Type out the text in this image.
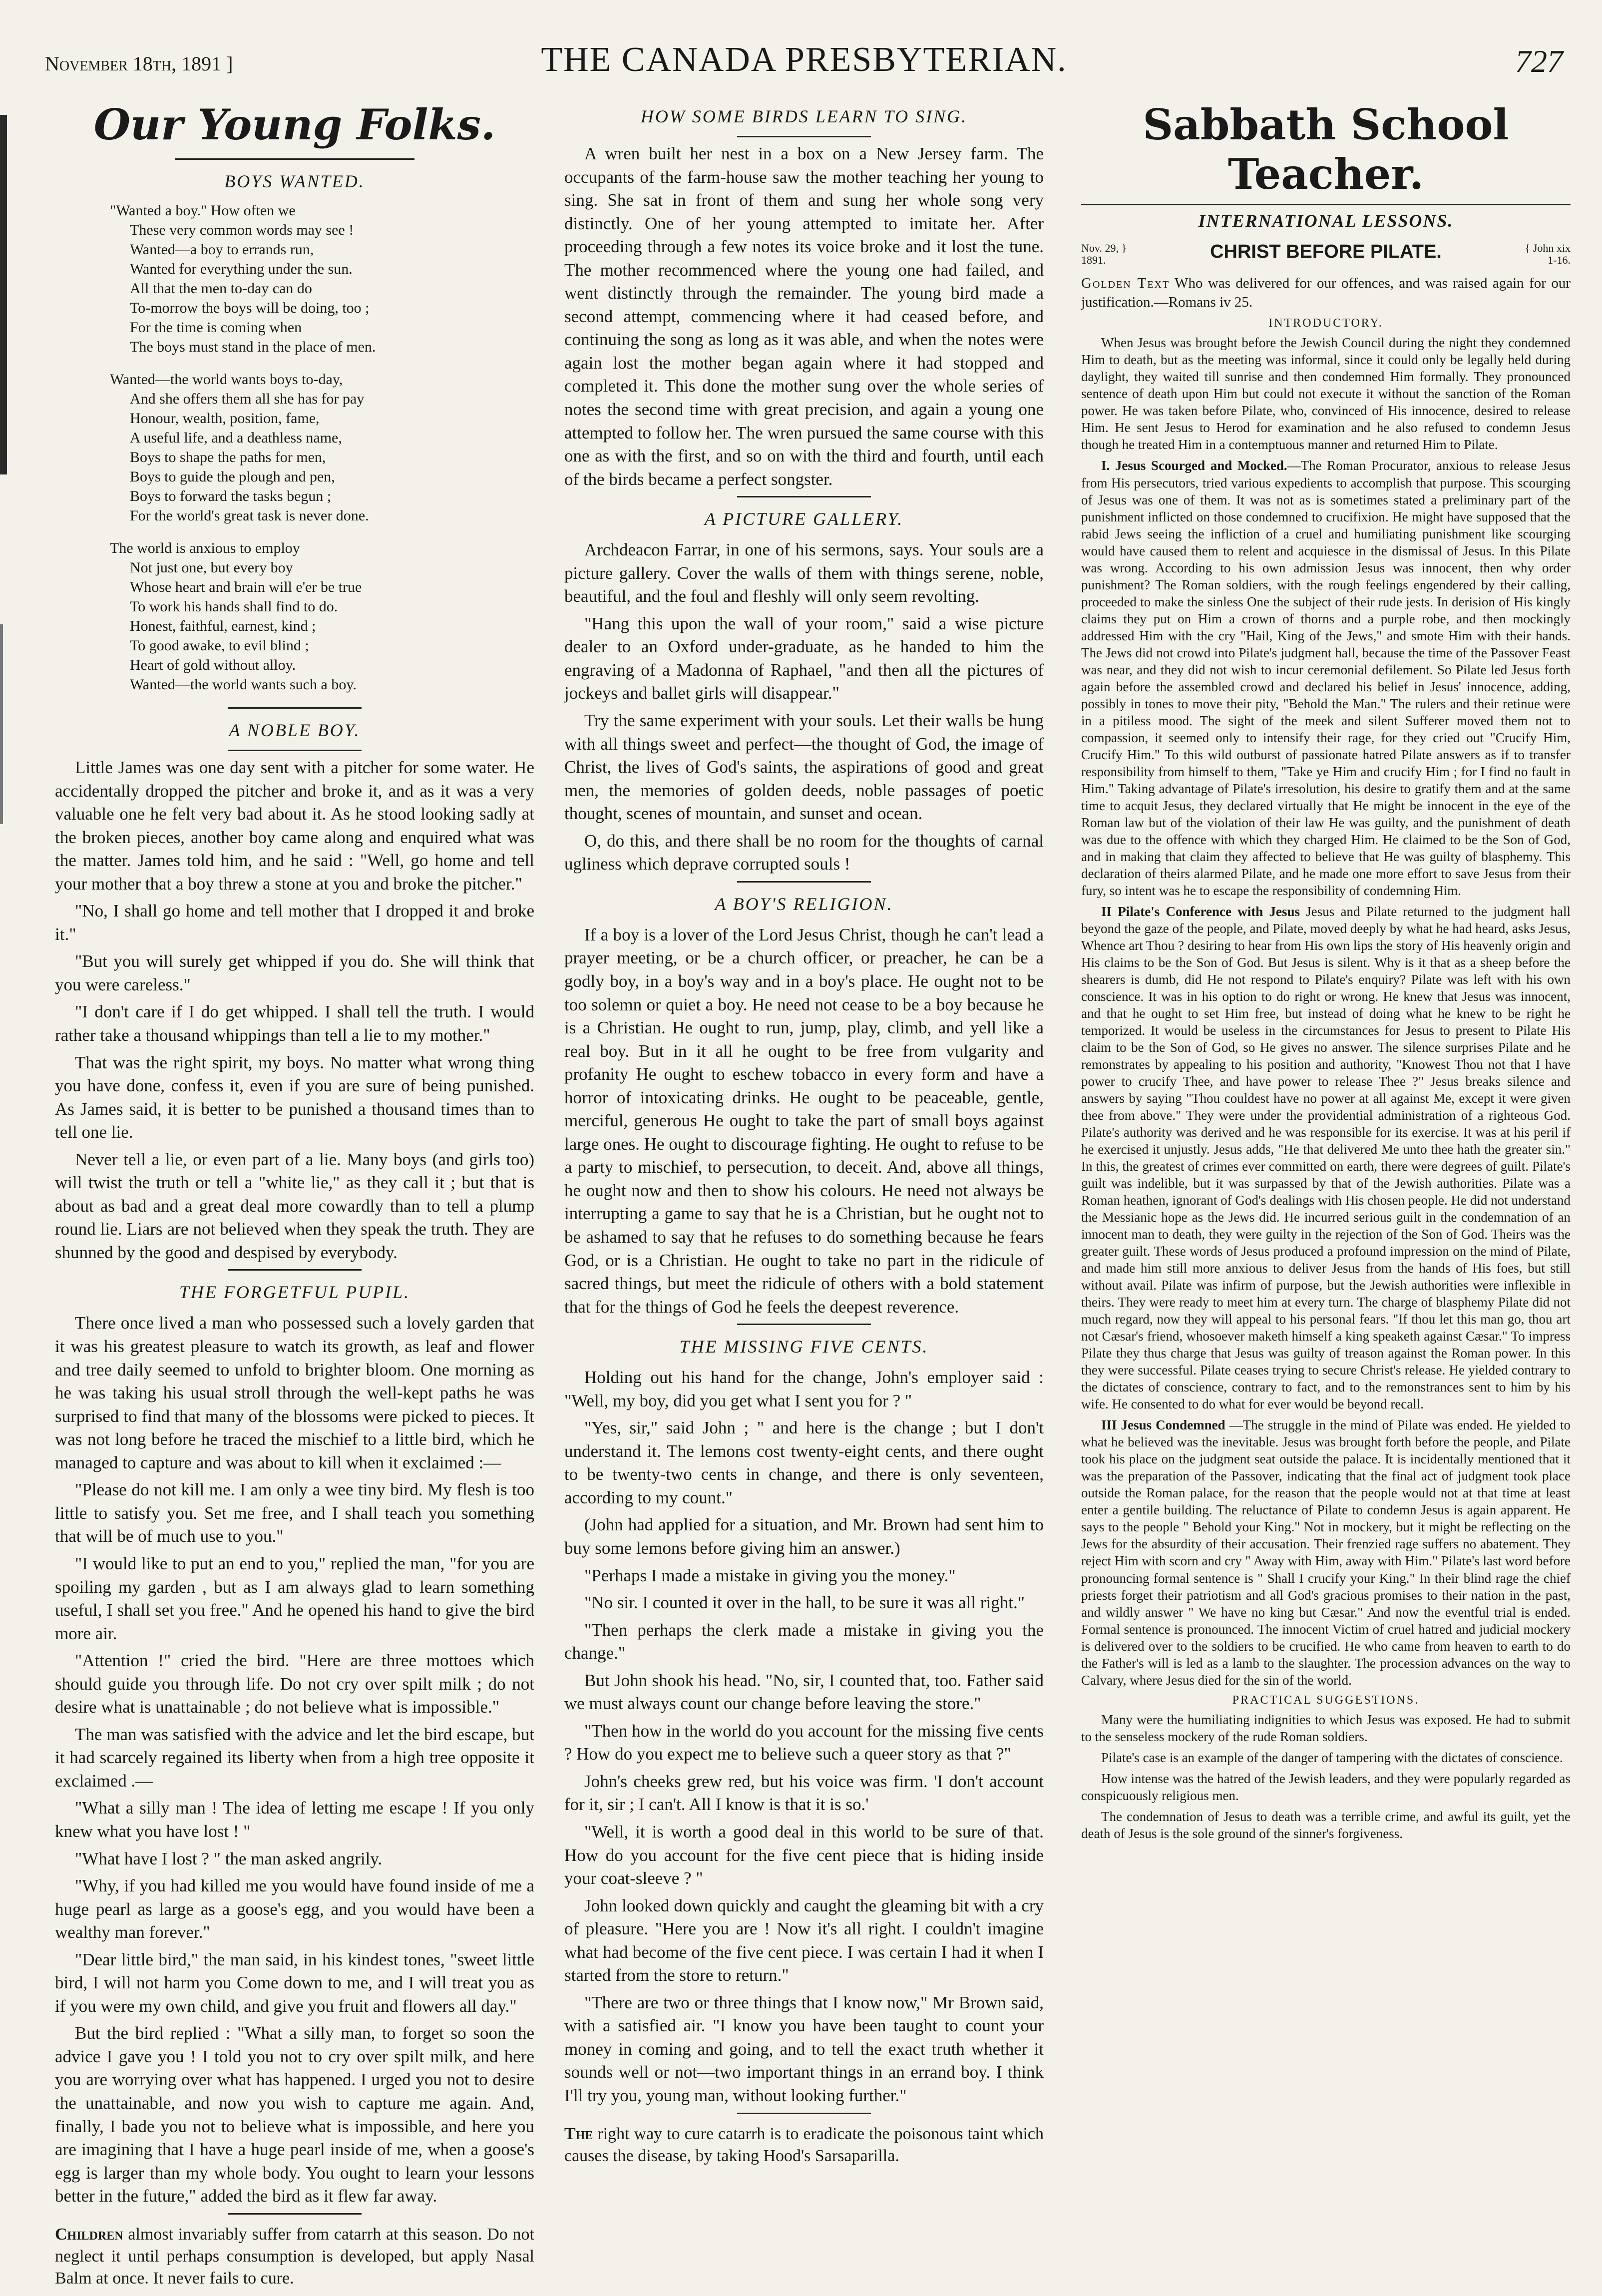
November 18th, 1891 ]	THE CANADA PRESBYTERIAN.	727
Our Young Folks.
BOYS WANTED.
"Wanted a boy." How often we
These very common words may see !
Wanted—a boy to errands run,
Wanted for everything under the sun.
All that the men to-day can do
To-morrow the boys will be doing, too ;
For the time is coming when
The boys must stand in the place of men.
Wanted—the world wants boys to-day,
And she offers them all she has for pay
Honour, wealth, position, fame,
A useful life, and a deathless name,
Boys to shape the paths for men,
Boys to guide the plough and pen,
Boys to forward the tasks begun ;
For the world's great task is never done.
The world is anxious to employ
Not just one, but every boy
Whose heart and brain will e'er be true
To work his hands shall find to do.
Honest, faithful, earnest, kind ;
To good awake, to evil blind ;
Heart of gold without alloy.
Wanted—the world wants such a boy.
A NOBLE BOY.

Little James was one day sent with a pitcher for some water. He accidentally dropped the pitcher and broke it, and as it was a very valuable one he felt very bad about it. As he stood looking sadly at the broken pieces, another boy came along and enquired what was the matter. James told him, and he said : "Well, go home and tell your mother that a boy threw a stone at you and broke the pitcher."

"No, I shall go home and tell mother that I dropped it and broke it."

"But you will surely get whipped if you do. She will think that you were careless."

"I don't care if I do get whipped. I shall tell the truth. I would rather take a thousand whippings than tell a lie to my mother."

That was the right spirit, my boys. No matter what wrong thing you have done, confess it, even if you are sure of being punished. As James said, it is better to be punished a thousand times than to tell one lie.

Never tell a lie, or even part of a lie. Many boys (and girls too) will twist the truth or tell a "white lie," as they call it ; but that is about as bad and a great deal more cowardly than to tell a plump round lie. Liars are not believed when they speak the truth. They are shunned by the good and despised by everybody.

THE FORGETFUL PUPIL.

There once lived a man who possessed such a lovely garden that it was his greatest pleasure to watch its growth, as leaf and flower and tree daily seemed to unfold to brighter bloom. One morning as he was taking his usual stroll through the well-kept paths he was surprised to find that many of the blossoms were picked to pieces. It was not long before he traced the mischief to a little bird, which he managed to capture and was about to kill when it exclaimed :—

"Please do not kill me. I am only a wee tiny bird. My flesh is too little to satisfy you. Set me free, and I shall teach you something that will be of much use to you."

"I would like to put an end to you," replied the man, "for you are spoiling my garden , but as I am always glad to learn something useful, I shall set you free." And he opened his hand to give the bird more air.

"Attention !" cried the bird. "Here are three mottoes which should guide you through life. Do not cry over spilt milk ; do not desire what is unattainable ; do not believe what is impossible."

The man was satisfied with the advice and let the bird escape, but it had scarcely regained its liberty when from a high tree opposite it exclaimed .—

"What a silly man ! The idea of letting me escape ! If you only knew what you have lost ! "

"What have I lost ? " the man asked angrily.

"Why, if you had killed me you would have found inside of me a huge pearl as large as a goose's egg, and you would have been a wealthy man forever."

"Dear little bird," the man said, in his kindest tones, "sweet little bird, I will not harm you Come down to me, and I will treat you as if you were my own child, and give you fruit and flowers all day."

But the bird replied : "What a silly man, to forget so soon the advice I gave you ! I told you not to cry over spilt milk, and here you are worrying over what has happened. I urged you not to desire the unattainable, and now you wish to capture me again. And, finally, I bade you not to believe what is impossible, and here you are imagining that I have a huge pearl inside of me, when a goose's egg is larger than my whole body. You ought to learn your lessons better in the future," added the bird as it flew far away.

Children almost invariably suffer from catarrh at this season. Do not neglect it until perhaps consumption is developed, but apply Nasal Balm at once. It never fails to cure.
HOW SOME BIRDS LEARN TO SING.

A wren built her nest in a box on a New Jersey farm. The occupants of the farm-house saw the mother teaching her young to sing. She sat in front of them and sung her whole song very distinctly. One of her young attempted to imitate her. After proceeding through a few notes its voice broke and it lost the tune. The mother recommenced where the young one had failed, and went distinctly through the remainder. The young bird made a second attempt, commencing where it had ceased before, and continuing the song as long as it was able, and when the notes were again lost the mother began again where it had stopped and completed it. This done the mother sung over the whole series of notes the second time with great precision, and again a young one attempted to follow her. The wren pursued the same course with this one as with the first, and so on with the third and fourth, until each of the birds became a perfect songster.

A PICTURE GALLERY.

Archdeacon Farrar, in one of his sermons, says. Your souls are a picture gallery. Cover the walls of them with things serene, noble, beautiful, and the foul and fleshly will only seem revolting.

"Hang this upon the wall of your room," said a wise picture dealer to an Oxford under-graduate, as he handed to him the engraving of a Madonna of Raphael, "and then all the pictures of jockeys and ballet girls will disappear."

Try the same experiment with your souls. Let their walls be hung with all things sweet and perfect—the thought of God, the image of Christ, the lives of God's saints, the aspirations of good and great men, the memories of golden deeds, noble passages of poetic thought, scenes of mountain, and sunset and ocean.

O, do this, and there shall be no room for the thoughts of carnal ugliness which deprave corrupted souls !

A BOY'S RELIGION.

If a boy is a lover of the Lord Jesus Christ, though he can't lead a prayer meeting, or be a church officer, or preacher, he can be a godly boy, in a boy's way and in a boy's place. He ought not to be too solemn or quiet a boy. He need not cease to be a boy because he is a Christian. He ought to run, jump, play, climb, and yell like a real boy. But in it all he ought to be free from vulgarity and profanity He ought to eschew tobacco in every form and have a horror of intoxicating drinks. He ought to be peaceable, gentle, merciful, generous He ought to take the part of small boys against large ones. He ought to discourage fighting. He ought to refuse to be a party to mischief, to persecution, to deceit. And, above all things, he ought now and then to show his colours. He need not always be interrupting a game to say that he is a Christian, but he ought not to be ashamed to say that he refuses to do something because he fears God, or is a Christian. He ought to take no part in the ridicule of sacred things, but meet the ridicule of others with a bold statement that for the things of God he feels the deepest reverence.

THE MISSING FIVE CENTS.

Holding out his hand for the change, John's employer said : "Well, my boy, did you get what I sent you for ? "

"Yes, sir," said John ; " and here is the change ; but I don't understand it. The lemons cost twenty-eight cents, and there ought to be twenty-two cents in change, and there is only seventeen, according to my count."

(John had applied for a situation, and Mr. Brown had sent him to buy some lemons before giving him an answer.)

"Perhaps I made a mistake in giving you the money."

"No sir. I counted it over in the hall, to be sure it was all right."

"Then perhaps the clerk made a mistake in giving you the change."

But John shook his head. "No, sir, I counted that, too. Father said we must always count our change before leaving the store."

"Then how in the world do you account for the missing five cents ? How do you expect me to believe such a queer story as that ?"

John's cheeks grew red, but his voice was firm. 'I don't account for it, sir ; I can't. All I know is that it is so.'

"Well, it is worth a good deal in this world to be sure of that. How do you account for the five cent piece that is hiding inside your coat-sleeve ? "

John looked down quickly and caught the gleaming bit with a cry of pleasure. "Here you are ! Now it's all right. I couldn't imagine what had become of the five cent piece. I was certain I had it when I started from the store to return."

"There are two or three things that I know now," Mr Brown said, with a satisfied air. "I know you have been taught to count your money in coming and going, and to tell the exact truth whether it sounds well or not—two important things in an errand boy. I think I'll try you, young man, without looking further."

The right way to cure catarrh is to eradicate the poisonous taint which causes the disease, by taking Hood's Sarsaparilla.
Sabbath School Teacher.
INTERNATIONAL LESSONS.
Nov. 29, }
1891.	CHRIST BEFORE PILATE.	{ John xix
1-16.
Golden Text Who was delivered for our offences, and was raised again for our justification.—Romans iv 25.
INTRODUCTORY.

When Jesus was brought before the Jewish Council during the night they condemned Him to death, but as the meeting was informal, since it could only be legally held during daylight, they waited till sunrise and then condemned Him formally. They pronounced sentence of death upon Him but could not execute it without the sanction of the Roman power. He was taken before Pilate, who, convinced of His innocence, desired to release Him. He sent Jesus to Herod for examination and he also refused to condemn Jesus though he treated Him in a contemptuous manner and returned Him to Pilate.

I. Jesus Scourged and Mocked.—The Roman Procurator, anxious to release Jesus from His persecutors, tried various expedients to accomplish that purpose. This scourging of Jesus was one of them. It was not as is sometimes stated a preliminary part of the punishment inflicted on those condemned to crucifixion. He might have supposed that the rabid Jews seeing the infliction of a cruel and humiliating punishment like scourging would have caused them to relent and acquiesce in the dismissal of Jesus. In this Pilate was wrong. According to his own admission Jesus was innocent, then why order punishment? The Roman soldiers, with the rough feelings engendered by their calling, proceeded to make the sinless One the subject of their rude jests. In derision of His kingly claims they put on Him a crown of thorns and a purple robe, and then mockingly addressed Him with the cry "Hail, King of the Jews," and smote Him with their hands. The Jews did not crowd into Pilate's judgment hall, because the time of the Passover Feast was near, and they did not wish to incur ceremonial defilement. So Pilate led Jesus forth again before the assembled crowd and declared his belief in Jesus' innocence, adding, possibly in tones to move their pity, "Behold the Man." The rulers and their retinue were in a pitiless mood. The sight of the meek and silent Sufferer moved them not to compassion, it seemed only to intensify their rage, for they cried out "Crucify Him, Crucify Him." To this wild outburst of passionate hatred Pilate answers as if to transfer responsibility from himself to them, "Take ye Him and crucify Him ; for I find no fault in Him." Taking advantage of Pilate's irresolution, his desire to gratify them and at the same time to acquit Jesus, they declared virtually that He might be innocent in the eye of the Roman law but of the violation of their law He was guilty, and the punishment of death was due to the offence with which they charged Him. He claimed to be the Son of God, and in making that claim they affected to believe that He was guilty of blasphemy. This declaration of theirs alarmed Pilate, and he made one more effort to save Jesus from their fury, so intent was he to escape the responsibility of condemning Him.

II Pilate's Conference with Jesus Jesus and Pilate returned to the judgment hall beyond the gaze of the people, and Pilate, moved deeply by what he had heard, asks Jesus, Whence art Thou ? desiring to hear from His own lips the story of His heavenly origin and His claims to be the Son of God. But Jesus is silent. Why is it that as a sheep before the shearers is dumb, did He not respond to Pilate's enquiry? Pilate was left with his own conscience. It was in his option to do right or wrong. He knew that Jesus was innocent, and that he ought to set Him free, but instead of doing what he knew to be right he temporized. It would be useless in the circumstances for Jesus to present to Pilate His claim to be the Son of God, so He gives no answer. The silence surprises Pilate and he remonstrates by appealing to his position and authority, "Knowest Thou not that I have power to crucify Thee, and have power to release Thee ?" Jesus breaks silence and answers by saying "Thou couldest have no power at all against Me, except it were given thee from above." They were under the providential administration of a righteous God. Pilate's authority was derived and he was responsible for its exercise. It was at his peril if he exercised it unjustly. Jesus adds, "He that delivered Me unto thee hath the greater sin." In this, the greatest of crimes ever committed on earth, there were degrees of guilt. Pilate's guilt was indelible, but it was surpassed by that of the Jewish authorities. Pilate was a Roman heathen, ignorant of God's dealings with His chosen people. He did not understand the Messianic hope as the Jews did. He incurred serious guilt in the condemnation of an innocent man to death, they were guilty in the rejection of the Son of God. Theirs was the greater guilt. These words of Jesus produced a profound impression on the mind of Pilate, and made him still more anxious to deliver Jesus from the hands of His foes, but still without avail. Pilate was infirm of purpose, but the Jewish authorities were inflexible in theirs. They were ready to meet him at every turn. The charge of blasphemy Pilate did not much regard, now they will appeal to his personal fears. "If thou let this man go, thou art not Cæsar's friend, whosoever maketh himself a king speaketh against Cæsar." To impress Pilate they thus charge that Jesus was guilty of treason against the Roman power. In this they were successful. Pilate ceases trying to secure Christ's release. He yielded contrary to the dictates of conscience, contrary to fact, and to the remonstrances sent to him by his wife. He consented to do what for ever would be beyond recall.

III Jesus Condemned —The struggle in the mind of Pilate was ended. He yielded to what he believed was the inevitable. Jesus was brought forth before the people, and Pilate took his place on the judgment seat outside the palace. It is incidentally mentioned that it was the preparation of the Passover, indicating that the final act of judgment took place outside the Roman palace, for the reason that the people would not at that time at least enter a gentile building. The reluctance of Pilate to condemn Jesus is again apparent. He says to the people " Behold your King." Not in mockery, but it might be reflecting on the Jews for the absurdity of their accusation. Their frenzied rage suffers no abatement. They reject Him with scorn and cry " Away with Him, away with Him." Pilate's last word before pronouncing formal sentence is " Shall I crucify your King." In their blind rage the chief priests forget their patriotism and all God's gracious promises to their nation in the past, and wildly answer " We have no king but Cæsar." And now the eventful trial is ended. Formal sentence is pronounced. The innocent Victim of cruel hatred and judicial mockery is delivered over to the soldiers to be crucified. He who came from heaven to earth to do the Father's will is led as a lamb to the slaughter. The procession advances on the way to Calvary, where Jesus died for the sin of the world.

PRACTICAL SUGGESTIONS.

Many were the humiliating indignities to which Jesus was exposed. He had to submit to the senseless mockery of the rude Roman soldiers.

Pilate's case is an example of the danger of tampering with the dictates of conscience.

How intense was the hatred of the Jewish leaders, and they were popularly regarded as conspicuously religious men.

The condemnation of Jesus to death was a terrible crime, and awful its guilt, yet the death of Jesus is the sole ground of the sinner's forgiveness.
